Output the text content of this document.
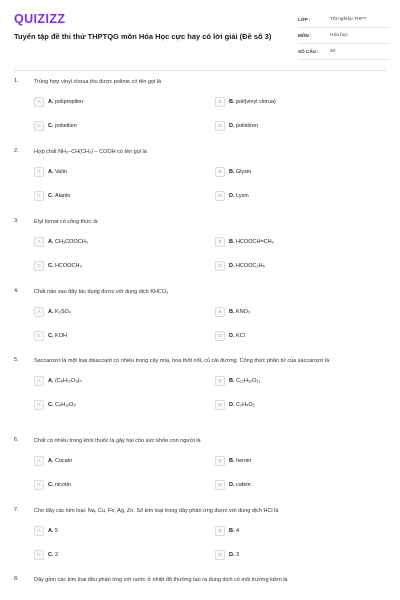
QUIZIZZ
Tuyển tập đề thi thử THPTQG môn Hóa Học cực hay có lời giải (Đề số 3)
LỚP :	Tốt nghiệp THPT
MÔN :	Hóa học
SỐ CÂU :	40
1.	Trùng hợp vinyl clorua thu được polime có tên gọi là
A	A. polipropilen	B	B. poli(vinyl clorua)
C	C. polietilen	D	D. polistiren
2.	Hợp chất NH₂–CH(CH₃) – COOH có tên gọi là
A	A. Valin	B	B. Glysin
C	C. Alanin	D	D. Lysin
3.	Etyl fomat có công thức là
A	A. CH₃COOCH₃	B	B. HCOOCH=CH₂
C	C. HCOOCH₃	D	D. HCOOC₂H₅
4.	Chất nào sau đây tác dụng được với dung dịch KHCO₃
A	A. K₂SO₄	B	B. KNO₃
C	C. KOH	D	D. KCl
5.	Saccarozơ là một loại disaccarit có nhiều trong cây mía, hoa thốt nốt, củ cải đường. Công thức phân tử của saccarozơ là
A	A. (C₆H₁₀O₅)ₙ	B	B. C₁₂H₂₂O₁₁
C	C. C₆H₁₂O₆	D	D. C₂H₄O₂
6.	Chất có nhiều trong khói thuốc lá gây hại cho sức khỏe con người là
A	A. Cocain	B	B. heroin
C	C. nicotin	D	D. cafein
7.	Cho dãy các kim loại: Na, Cu, Fe, Ag, Zn. Số kim loại trong dãy phản ứng được với dung dịch HCl là
A	A. 5	B	B. 4
C	C. 2	D	D. 3
8.	Dãy gồm các kim loại đều phản ứng với nước ở nhiệt độ thường tạo ra dung dịch có môi trường kiềm là
